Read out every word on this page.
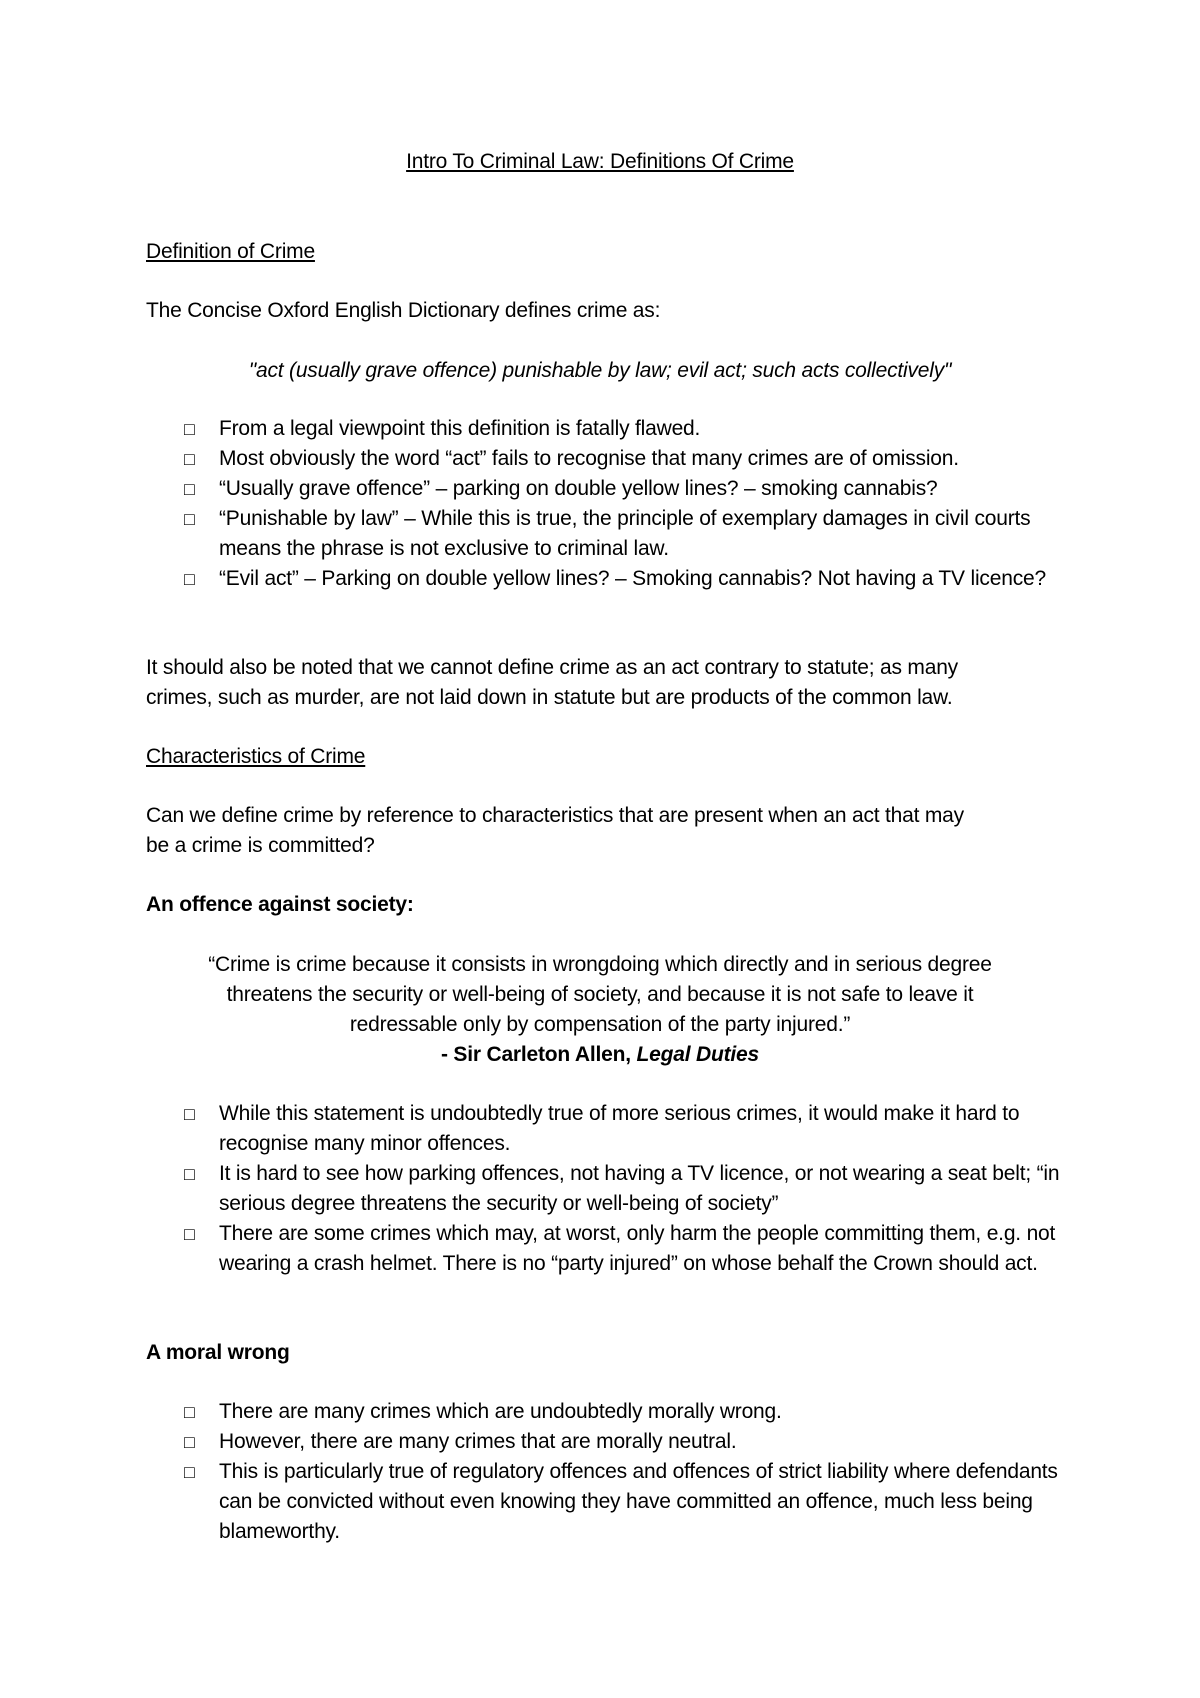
Intro To Criminal Law: Definitions Of Crime
Definition of Crime
The Concise Oxford English Dictionary defines crime as:
"act (usually grave offence) punishable by law; evil act; such acts collectively"
□ From a legal viewpoint this definition is fatally flawed.
□ Most obviously the word “act” fails to recognise that many crimes are of omission.
□ “Usually grave offence” – parking on double yellow lines? – smoking cannabis?
□ “Punishable by law” – While this is true, the principle of exemplary damages in civil courts means the phrase is not exclusive to criminal law.
□ “Evil act” – Parking on double yellow lines? – Smoking cannabis? Not having a TV licence?
It should also be noted that we cannot define crime as an act contrary to statute; as many
crimes, such as murder, are not laid down in statute but are products of the common law.
Characteristics of Crime
Can we define crime by reference to characteristics that are present when an act that may
be a crime is committed?
An offence against society:
“Crime is crime because it consists in wrongdoing which directly and in serious degree
threatens the security or well-being of society, and because it is not safe to leave it
redressable only by compensation of the party injured.”
- Sir Carleton Allen, Legal Duties
□ While this statement is undoubtedly true of more serious crimes, it would make it hard to recognise many minor offences.
□ It is hard to see how parking offences, not having a TV licence, or not wearing a seat belt; “in serious degree threatens the security or well-being of society”
□ There are some crimes which may, at worst, only harm the people committing them, e.g. not wearing a crash helmet. There is no “party injured” on whose behalf the Crown should act.
A moral wrong
□ There are many crimes which are undoubtedly morally wrong.
□ However, there are many crimes that are morally neutral.
□ This is particularly true of regulatory offences and offences of strict liability where defendants can be convicted without even knowing they have committed an offence, much less being blameworthy.
